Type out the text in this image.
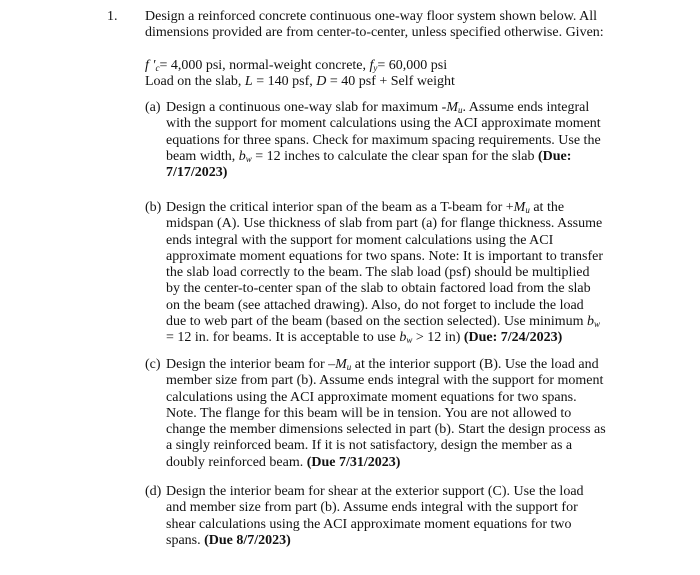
1. Design a reinforced concrete continuous one-way floor system shown below. All
dimensions provided are from center-to-center, unless specified otherwise. Given:
f $'_c= 4,000$ psi, normal-weight concrete, $f_y= 60,000$ psi
Load on the slab, L = 140 psf, D = 40 psf + Self weight
(a) Design a continuous one-way slab for maximum $-M_u$. Assume ends integral
with the support for moment calculations using the ACI approximate moment
equations for three spans. Check for maximum spacing requirements. Use the
beam width, $b_w = 12$ inches to calculate the clear span for the slab (Due:
7/17/2023)
(b) Design the critical interior span of the beam as a T-beam for $+M_u$ at the
midspan (A). Use thickness of slab from part (a) for flange thickness. Assume
ends integral with the support for moment calculations using the ACI
approximate moment equations for two spans. Note: It is important to transfer
the slab load correctly to the beam. The slab load (psf) should be multiplied
by the center-to-center span of the slab to obtain factored load from the slab
on the beam (see attached drawing). Also, do not forget to include the load
due to web part of the beam (based on the section selected). Use minimum $b_w$
= 12 in. for beams. It is acceptable to use $b_w > 12$ in) (Due: 7/24/2023)
(c) Design the interior beam for $-M_u$ at the interior support (B). Use the load and
member size from part (b). Assume ends integral with the support for moment
calculations using the ACI approximate moment equations for two spans.
Note. The flange for this beam will be in tension. You are not allowed to
change the member dimensions selected in part (b). Start the design process as
a singly reinforced beam. If it is not satisfactory, design the member as a
doubly reinforced beam. (Due 7/31/2023)
(d) Design the interior beam for shear at the exterior support (C). Use the load
and member size from part (b). Assume ends integral with the support for
shear calculations using the ACI approximate moment equations for two
spans. (Due 8/7/2023)
